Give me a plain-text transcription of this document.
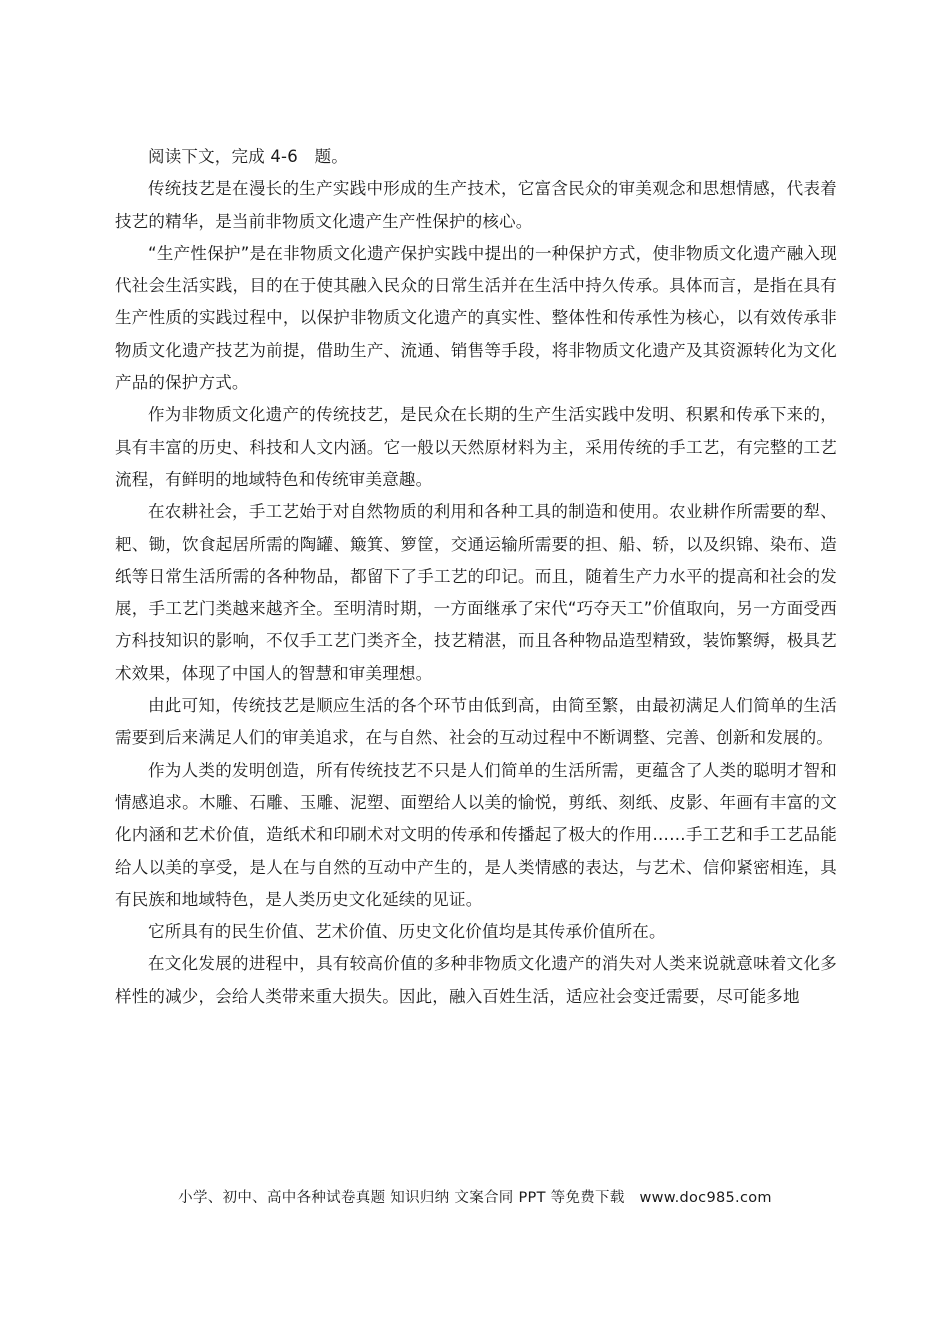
阅读下文，完成 4-6　题。

传统技艺是在漫长的生产实践中形成的生产技术，它富含民众的审美观念和思想情感，代表着技艺的精华，是当前非物质文化遗产生产性保护的核心。

“生产性保护”是在非物质文化遗产保护实践中提出的一种保护方式，使非物质文化遗产融入现代社会生活实践，目的在于使其融入民众的日常生活并在生活中持久传承。具体而言，是指在具有生产性质的实践过程中，以保护非物质文化遗产的真实性、整体性和传承性为核心，以有效传承非物质文化遗产技艺为前提，借助生产、流通、销售等手段，将非物质文化遗产及其资源转化为文化产品的保护方式。

作为非物质文化遗产的传统技艺，是民众在长期的生产生活实践中发明、积累和传承下来的，具有丰富的历史、科技和人文内涵。它一般以天然原材料为主，采用传统的手工艺，有完整的工艺流程，有鲜明的地域特色和传统审美意趣。

在农耕社会，手工艺始于对自然物质的利用和各种工具的制造和使用。农业耕作所需要的犁、耙、锄，饮食起居所需的陶罐、簸箕、箩筐，交通运输所需要的担、船、轿，以及织锦、染布、造纸等日常生活所需的各种物品，都留下了手工艺的印记。而且，随着生产力水平的提高和社会的发展，手工艺门类越来越齐全。至明清时期，一方面继承了宋代“巧夺天工”价值取向，另一方面受西方科技知识的影响，不仅手工艺门类齐全，技艺精湛，而且各种物品造型精致，装饰繁缛，极具艺术效果，体现了中国人的智慧和审美理想。

由此可知，传统技艺是顺应生活的各个环节由低到高，由简至繁，由最初满足人们简单的生活需要到后来满足人们的审美追求，在与自然、社会的互动过程中不断调整、完善、创新和发展的。

作为人类的发明创造，所有传统技艺不只是人们简单的生活所需，更蕴含了人类的聪明才智和情感追求。木雕、石雕、玉雕、泥塑、面塑给人以美的愉悦，剪纸、刻纸、皮影、年画有丰富的文化内涵和艺术价值，造纸术和印刷术对文明的传承和传播起了极大的作用……手工艺和手工艺品能给人以美的享受，是人在与自然的互动中产生的，是人类情感的表达，与艺术、信仰紧密相连，具有民族和地域特色，是人类历史文化延续的见证。

它所具有的民生价值、艺术价值、历史文化价值均是其传承价值所在。

在文化发展的进程中，具有较高价值的多种非物质文化遗产的消失对人类来说就意味着文化多样性的减少，会给人类带来重大损失。因此，融入百姓生活，适应社会变迁需要，尽可能多地

小学、初中、高中各种试卷真题 知识归纳 文案合同 PPT 等免费下载　www.doc985.com
